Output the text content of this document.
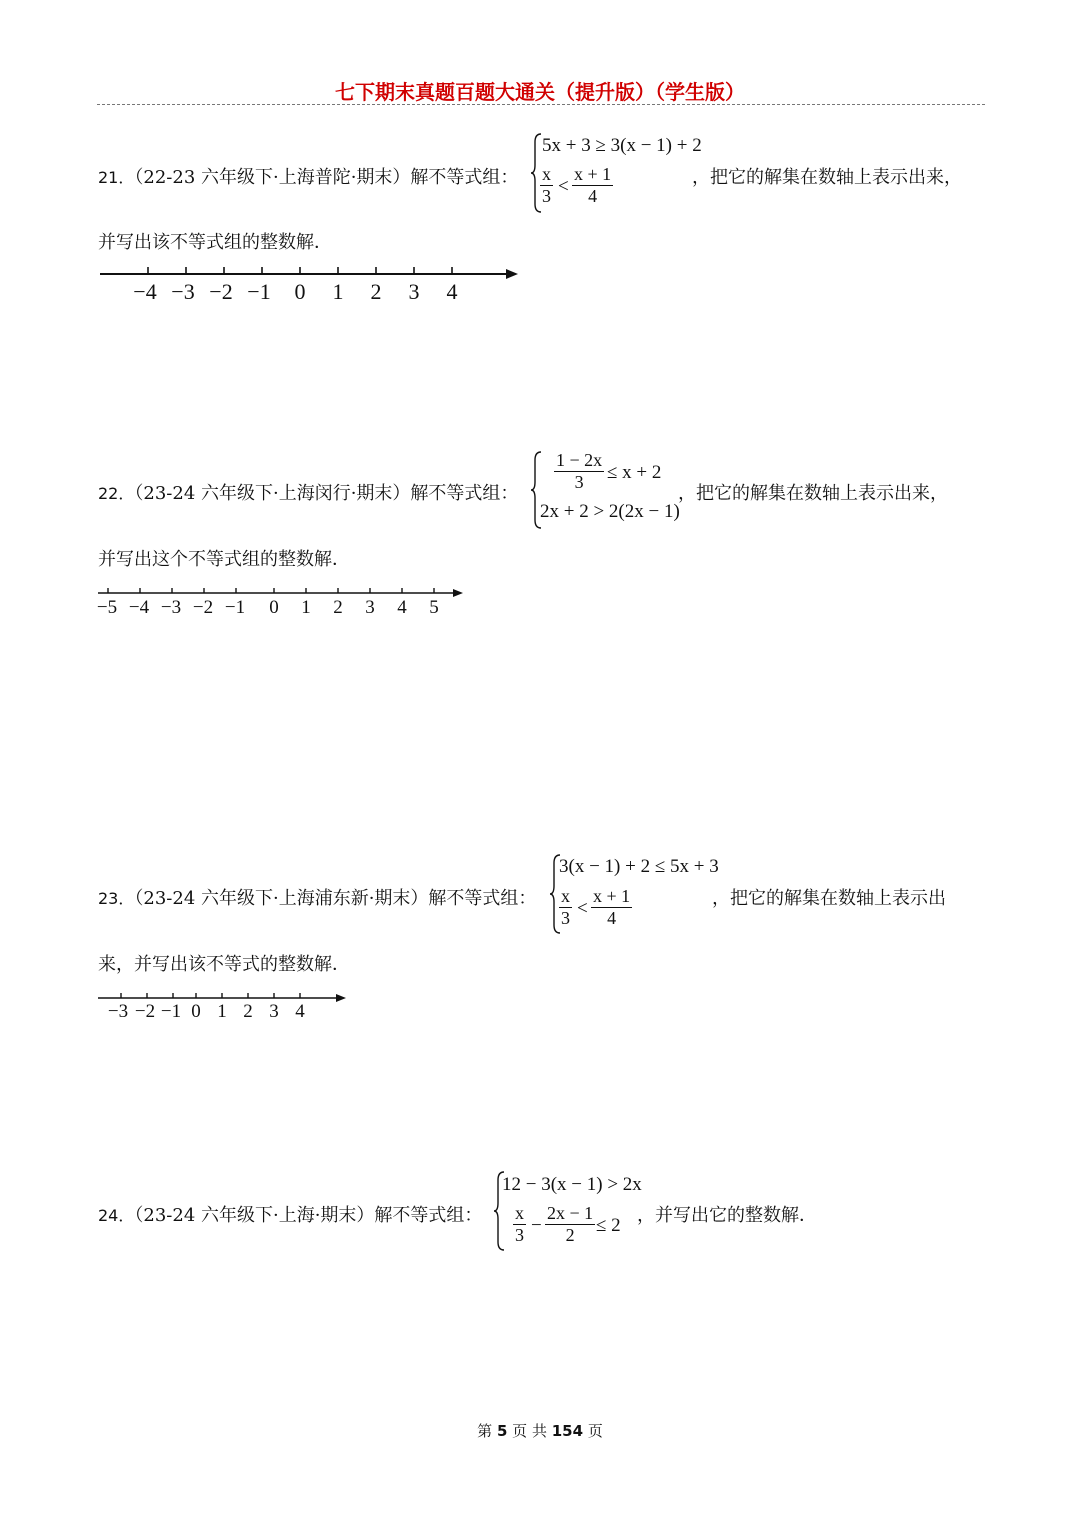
七下期末真题百题大通关（提升版）（学生版）
21．（22-23 六年级下·上海普陀·期末）解不等式组：
5x + 3 ≥ 3(x − 1) + 2
$\frac{x}{3} < \frac{x + 1}{4}$	，把它的解集在数轴上表示出来，
并写出该不等式组的整数解．
−4 −3 −2 −1 0 1 2 3 4
22．（23-24 六年级下·上海闵行·期末）解不等式组：
$\frac{1 - 2x}{3} \le x + 2$
2x + 2 > 2(2x − 1)
，把它的解集在数轴上表示出来，
并写出这个不等式组的整数解．
−5 −4 −3 −2 −1 0 1 2 3 4 5
23．（23-24 六年级下·上海浦东新·期末）解不等式组：
3(x − 1) + 2 ≤ 5x + 3
$\frac{x}{3} < \frac{x + 1}{4}$	，把它的解集在数轴上表示出
来，并写出该不等式的整数解．
−3 −2 −1 0 1 2 3 4
24．（23-24 六年级下·上海·期末）解不等式组：
12 − 3(x − 1) > 2x
$\frac{x}{3} - \frac{2x - 1}{2} \le 2$ ，并写出它的整数解．
第 5 页 共 154 页
